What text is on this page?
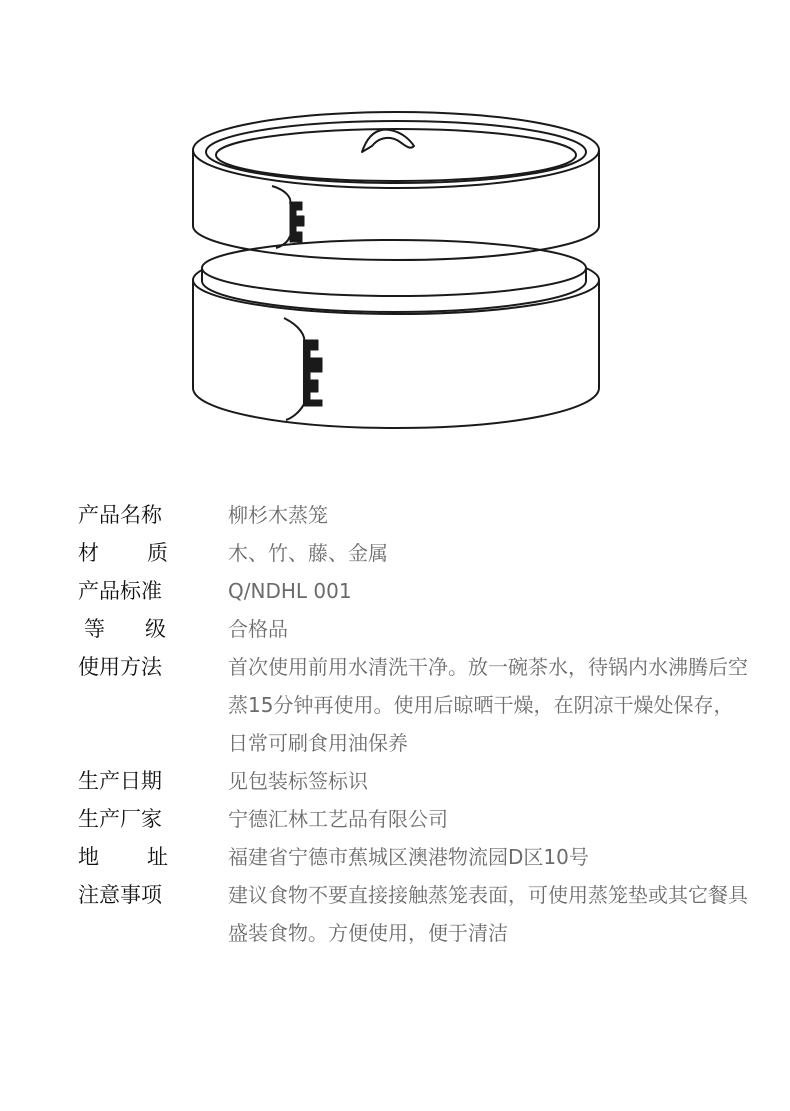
产品名称	柳杉木蒸笼
材 质	木、竹、藤、金属
产品标准	Q/NDHL 001
等 级	合格品
使用方法	首次使用前用水清洗干净。放一碗茶水，待锅内水沸腾后空蒸15分钟再使用。使用后晾晒干燥，在阴凉干燥处保存，日常可刷食用油保养
生产日期	见包装标签标识
生产厂家	宁德汇林工艺品有限公司
地 址	福建省宁德市蕉城区澳港物流园D区10号
注意事项	建议食物不要直接接触蒸笼表面，可使用蒸笼垫或其它餐具盛装食物。方便使用，便于清洁
